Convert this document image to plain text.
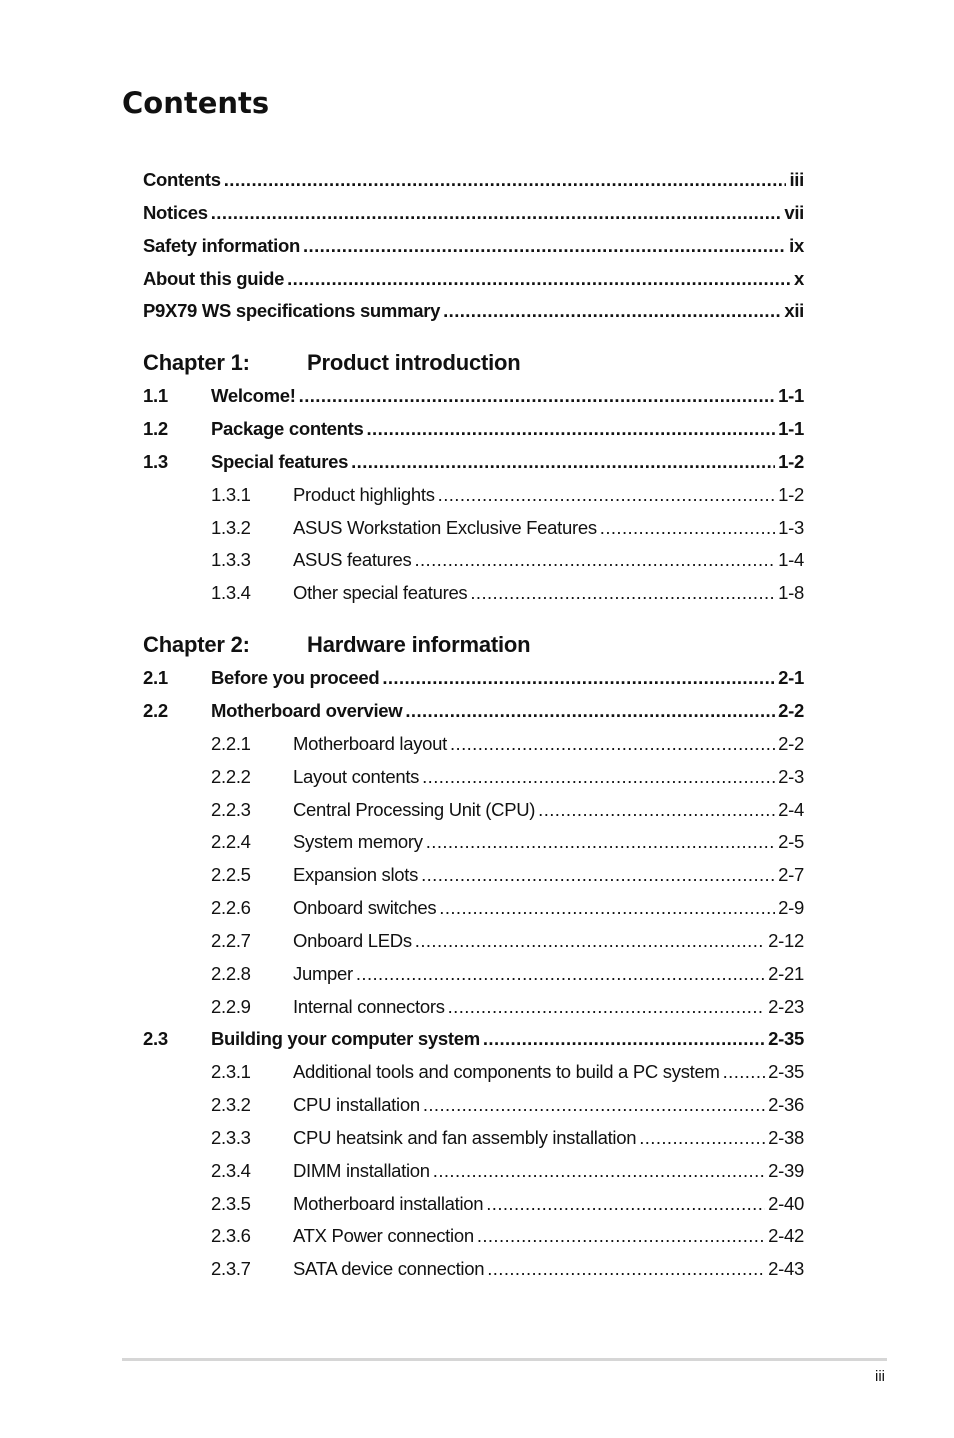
Contents
Contents .....	iii
Notices .....	vii
Safety information .....	ix
About this guide .....	x
P9X79 WS specifications summary .....	xii
Chapter 1:	Product introduction
1.1	Welcome! .....	1-1
1.2	Package contents .....	1-1
1.3	Special features .....	1-2
1.3.1	Product highlights .....	1-2
1.3.2	ASUS Workstation Exclusive Features .....	1-3
1.3.3	ASUS features .....	1-4
1.3.4	Other special features .....	1-8
Chapter 2:	Hardware information
2.1	Before you proceed .....	2-1
2.2	Motherboard overview .....	2-2
2.2.1	Motherboard layout .....	2-2
2.2.2	Layout contents .....	2-3
2.2.3	Central Processing Unit (CPU) .....	2-4
2.2.4	System memory .....	2-5
2.2.5	Expansion slots .....	2-7
2.2.6	Onboard switches .....	2-9
2.2.7	Onboard LEDs .....	2-12
2.2.8	Jumper .....	2-21
2.2.9	Internal connectors .....	2-23
2.3	Building your computer system .....	2-35
2.3.1	Additional tools and components to build a PC system .....	2-35
2.3.2	CPU installation .....	2-36
2.3.3	CPU heatsink and fan assembly installation .....	2-38
2.3.4	DIMM installation .....	2-39
2.3.5	Motherboard installation .....	2-40
2.3.6	ATX Power connection .....	2-42
2.3.7	SATA device connection .....	2-43
iii
